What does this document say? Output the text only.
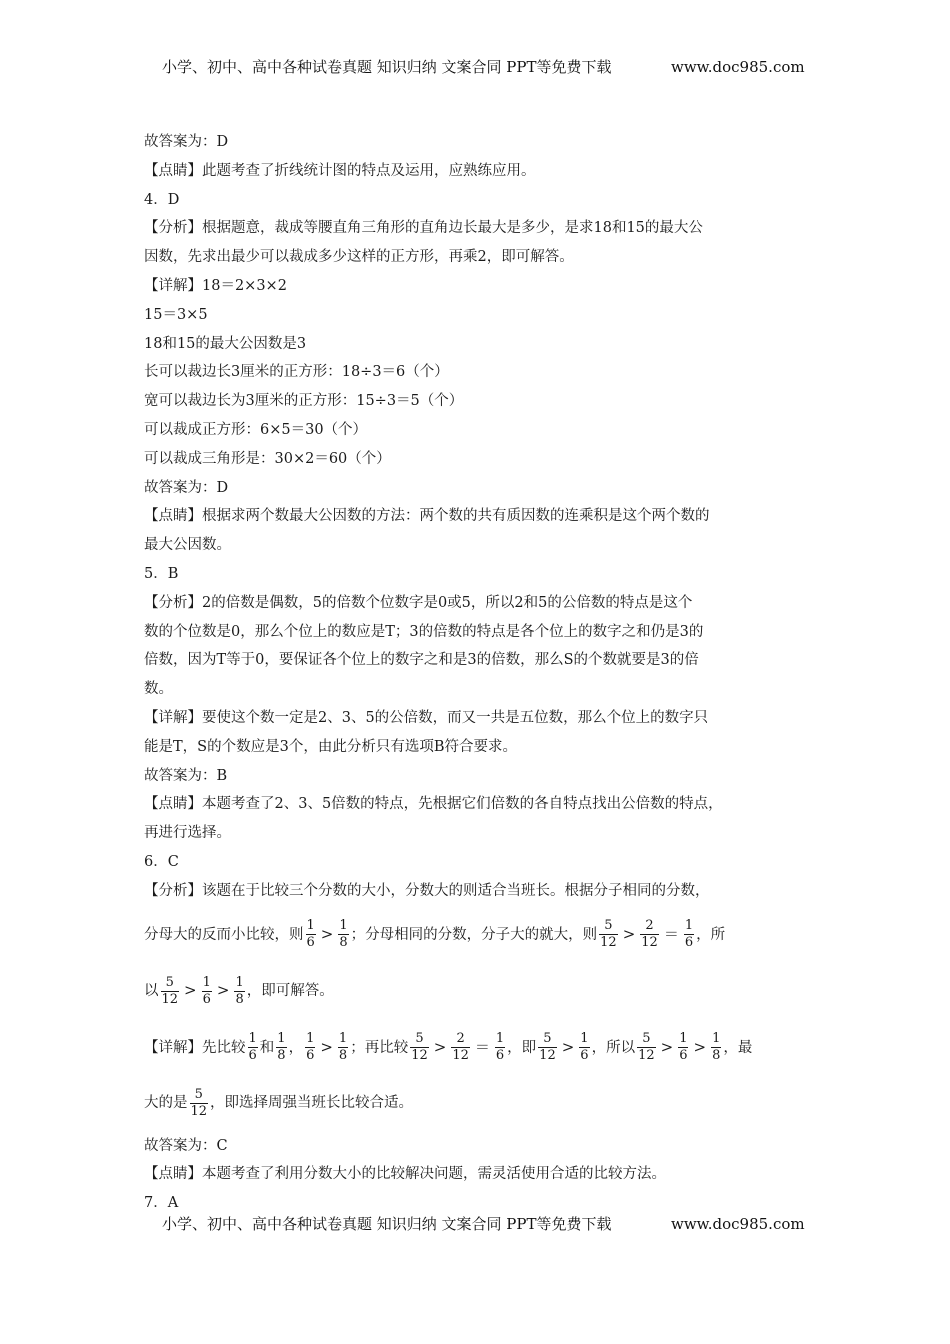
小学、初中、高中各种试卷真题 知识归纳 文案合同 PPT等免费下载	www.doc985.com
故答案为：D
【点睛】此题考查了折线统计图的特点及运用，应熟练应用。
4．D
【分析】根据题意，裁成等腰直角三角形的直角边长最大是多少，是求18和15的最大公
因数，先求出最少可以裁成多少这样的正方形，再乘2，即可解答。
【详解】18＝2×3×2
15＝3×5
18和15的最大公因数是3
长可以裁边长3厘米的正方形：18÷3＝6（个）
宽可以裁边长为3厘米的正方形：15÷3＝5（个）
可以裁成正方形：6×5＝30（个）
可以裁成三角形是：30×2＝60（个）
故答案为：D
【点睛】根据求两个数最大公因数的方法：两个数的共有质因数的连乘积是这个两个数的
最大公因数。
5．B
【分析】2的倍数是偶数，5的倍数个位数字是0或5，所以2和5的公倍数的特点是这个
数的个位数是0，那么个位上的数应是T；3的倍数的特点是各个位上的数字之和仍是3的
倍数，因为T等于0，要保证各个位上的数字之和是3的倍数，那么S的个数就要是3的倍
数。
【详解】要使这个数一定是2、3、5的公倍数，而又一共是五位数，那么个位上的数字只
能是T，S的个数应是3个，由此分析只有选项B符合要求。
故答案为：B
【点睛】本题考查了2、3、5倍数的特点，先根据它们倍数的各自特点找出公倍数的特点，
再进行选择。
6．C
【分析】该题在于比较三个分数的大小，分数大的则适合当班长。根据分子相同的分数，
分母大的反而小比较，则 $\frac{1}{6} > \frac{1}{8}$ ；分母相同的分数，分子大的就大，则 $\frac{5}{12} > \frac{2}{12} = \frac{1}{6}$ ，所
以 $\frac{5}{12} > \frac{1}{6} > \frac{1}{8}$ ，即可解答。
【详解】先比较 $\frac{1}{6}$ 和 $\frac{1}{8}$ ， $\frac{1}{6} > \frac{1}{8}$ ；再比较 $\frac{5}{12} > \frac{2}{12} = \frac{1}{6}$ ，即 $\frac{5}{12} > \frac{1}{6}$ ，所以 $\frac{5}{12} > \frac{1}{6} > \frac{1}{8}$ ，最
大的是 $\frac{5}{12}$ ，即选择周强当班长比较合适。
故答案为：C
【点睛】本题考查了利用分数大小的比较解决问题，需灵活使用合适的比较方法。
7．A
小学、初中、高中各种试卷真题 知识归纳 文案合同 PPT等免费下载	www.doc985.com
